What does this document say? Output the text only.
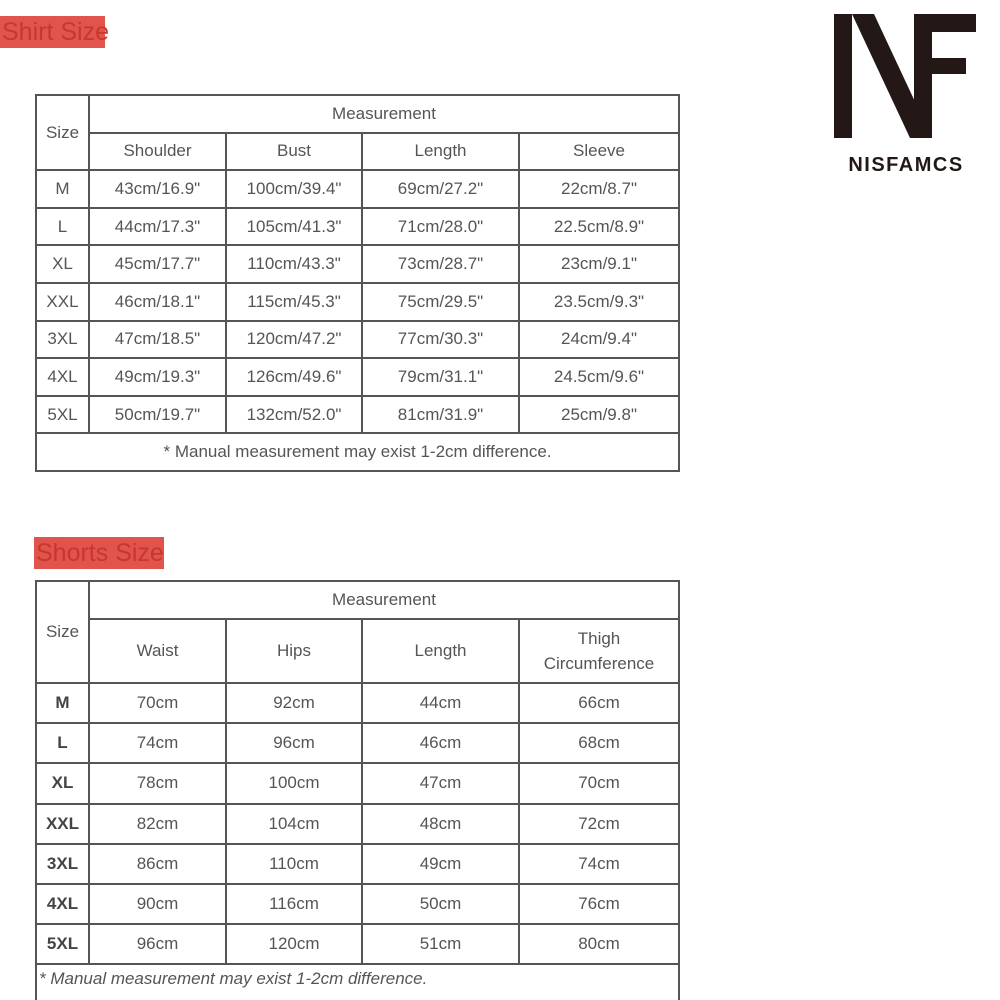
Shirt Size
Size	Measurement			
	Shoulder	Bust	Length	Sleeve
M	43cm/16.9"	100cm/39.4"	69cm/27.2"	22cm/8.7"
L	44cm/17.3"	105cm/41.3"	71cm/28.0"	22.5cm/8.9"
XL	45cm/17.7"	110cm/43.3"	73cm/28.7"	23cm/9.1"
XXL	46cm/18.1"	115cm/45.3"	75cm/29.5"	23.5cm/9.3"
3XL	47cm/18.5"	120cm/47.2"	77cm/30.3"	24cm/9.4"
4XL	49cm/19.3"	126cm/49.6"	79cm/31.1"	24.5cm/9.6"
5XL	50cm/19.7"	132cm/52.0"	81cm/31.9"	25cm/9.8"
* Manual measurement may exist 1-2cm difference.				
Shorts Size
Size	Measurement			
	Waist	Hips	Length	Thigh
Circumference

M	70cm	92cm	44cm	66cm
L	74cm	96cm	46cm	68cm
XL	78cm	100cm	47cm	70cm
XXL	82cm	104cm	48cm	72cm
3XL	86cm	110cm	49cm	74cm
4XL	90cm	116cm	50cm	76cm
5XL	96cm	120cm	51cm	80cm
* Manual measurement may exist 1-2cm difference.				
NISFAMCS
